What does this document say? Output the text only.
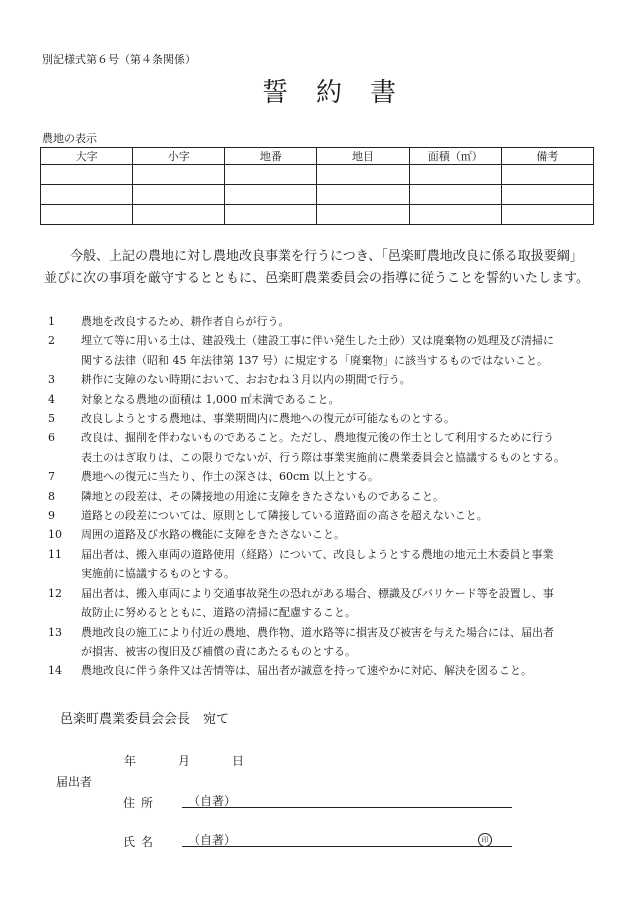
別記様式第６号（第４条関係）
誓約書
農地の表示
大字	小字	地番	地目	面積（㎡）	備考

今般、上記の農地に対し農地改良事業を行うにつき、「邑楽町農地改良に係る取扱要綱」

並びに次の事項を厳守するとともに、邑楽町農業委員会の指導に従うことを誓約いたします。

1	農地を改良するため、耕作者自らが行う。
2	埋立て等に用いる土は、建設残土（建設工事に伴い発生した土砂）又は廃棄物の処理及び清掃に
関する法律（昭和 45 年法律第 137 号）に規定する「廃棄物」に該当するものではないこと。
3	耕作に支障のない時期において、おおむね３月以内の期間で行う。
4	対象となる農地の面積は 1,000 ㎡未満であること。
5	改良しようとする農地は、事業期間内に農地への復元が可能なものとする。
6	改良は、掘削を伴わないものであること。ただし、農地復元後の作土として利用するために行う
表土のはぎ取りは、この限りでないが、行う際は事業実施前に農業委員会と協議するものとする。
7	農地への復元に当たり、作土の深さは、60cm 以上とする。
8	隣地との段差は、その隣接地の用途に支障をきたさないものであること。
9	道路との段差については、原則として隣接している道路面の高さを超えないこと。
10	周囲の道路及び水路の機能に支障をきたさないこと。
11	届出者は、搬入車両の道路使用（経路）について、改良しようとする農地の地元土木委員と事業
実施前に協議するものとする。
12	届出者は、搬入車両により交通事故発生の恐れがある場合、標識及びバリケード等を設置し、事
故防止に努めるとともに、道路の清掃に配慮すること。
13	農地改良の施工により付近の農地、農作物、道水路等に損害及び被害を与えた場合には、届出者
が損害、被害の復旧及び補償の責にあたるものとする。
14	農地改良に伴う条件又は苦情等は、届出者が誠意を持って速やかに対応、解決を図ること。
邑楽町農業委員会会長　宛て
年	月	日
届出者
住所	（自著）
氏名	（自著）	印
